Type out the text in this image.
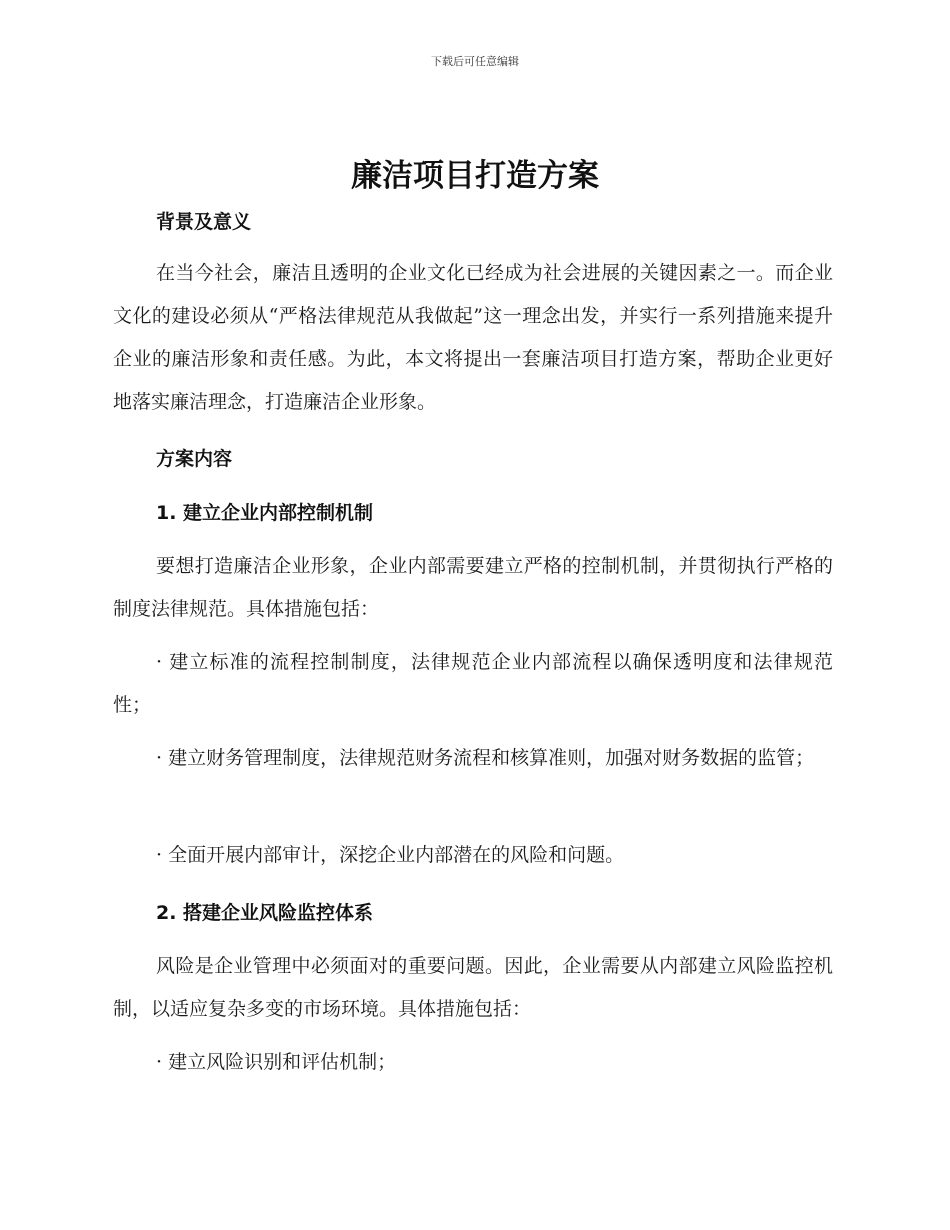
下载后可任意编辑
廉洁项目打造方案
背景及意义
在当今社会，廉洁且透明的企业文化已经成为社会进展的关键因素之一。而企业文化的建设必须从“严格法律规范从我做起”这一理念出发，并实行一系列措施来提升企业的廉洁形象和责任感。为此，本文将提出一套廉洁项目打造方案，帮助企业更好地落实廉洁理念，打造廉洁企业形象。
方案内容
1. 建立企业内部控制机制
要想打造廉洁企业形象，企业内部需要建立严格的控制机制，并贯彻执行严格的制度法律规范。具体措施包括：
· 建立标准的流程控制制度，法律规范企业内部流程以确保透明度和法律规范性；
· 建立财务管理制度，法律规范财务流程和核算准则，加强对财务数据的监管；
· 全面开展内部审计，深挖企业内部潜在的风险和问题。
2. 搭建企业风险监控体系
风险是企业管理中必须面对的重要问题。因此，企业需要从内部建立风险监控机制，以适应复杂多变的市场环境。具体措施包括：
· 建立风险识别和评估机制；
